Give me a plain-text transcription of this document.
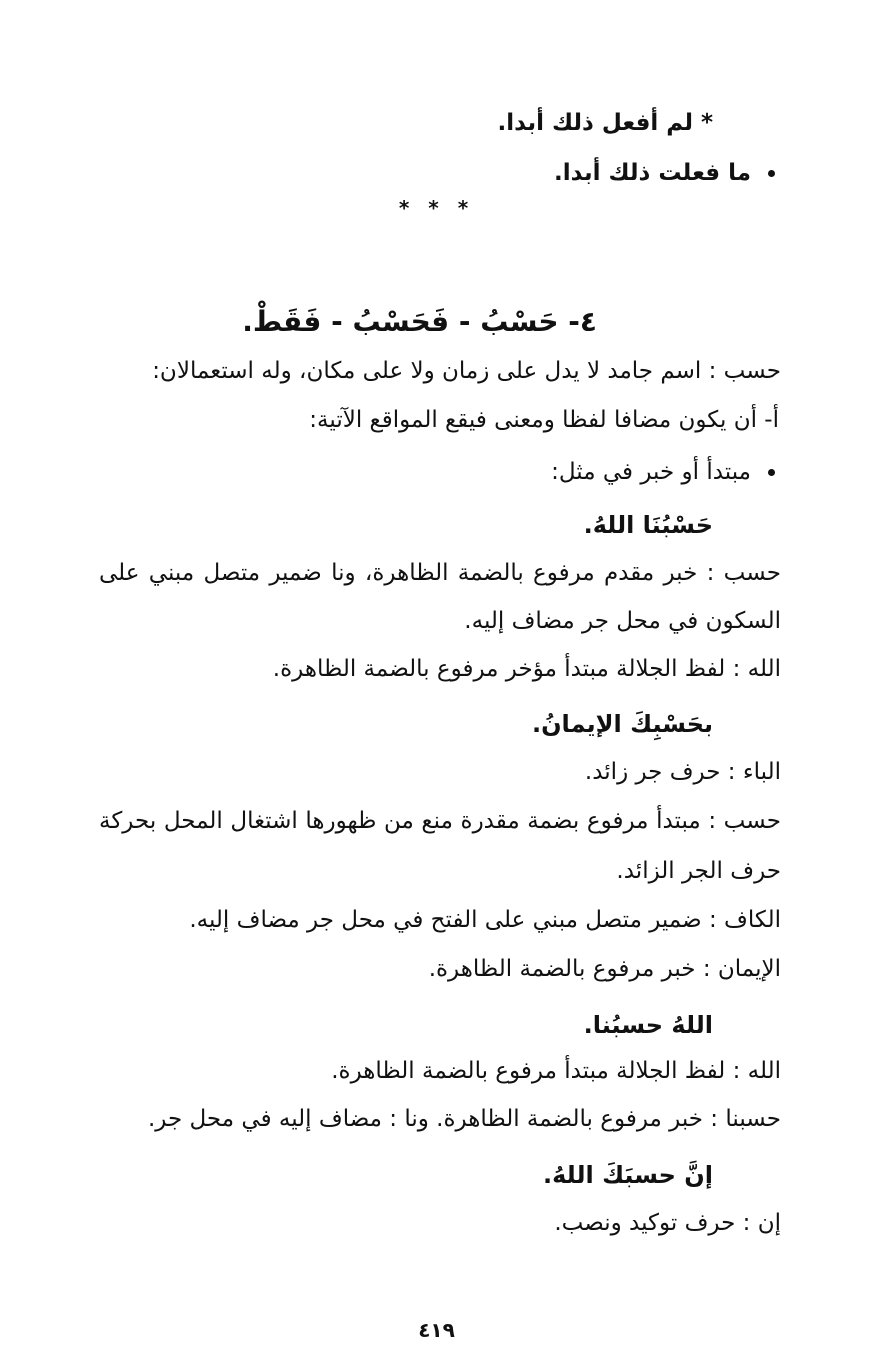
* لم أفعل ذلك أبدا.
ما فعلت ذلك أبدا.
* * *
٤- حَسْبُ - فَحَسْبُ - فَقَطْ.
حسب : اسم جامد لا يدل على زمان ولا على مكان، وله استعمالان:
أ- أن يكون مضافا لفظا ومعنى فيقع المواقع الآتية:
مبتدأ أو خبر في مثل:
حَسْبُنَا اللهُ.
حسب : خبر مقدم مرفوع بالضمة الظاهرة، ونا ضمير متصل مبني على
السكون في محل جر مضاف إليه.
الله : لفظ الجلالة مبتدأ مؤخر مرفوع بالضمة الظاهرة.
بحَسْبِكَ الإيمانُ.
الباء : حرف جر زائد.
حسب : مبتدأ مرفوع بضمة مقدرة منع من ظهورها اشتغال المحل بحركة
حرف الجر الزائد.
الكاف : ضمير متصل مبني على الفتح في محل جر مضاف إليه.
الإيمان : خبر مرفوع بالضمة الظاهرة.
اللهُ حسبُنا.
الله : لفظ الجلالة مبتدأ مرفوع بالضمة الظاهرة.
حسبنا : خبر مرفوع بالضمة الظاهرة. ونا : مضاف إليه في محل جر.
إنَّ حسبَكَ اللهُ.
إن : حرف توكيد ونصب.
٤١٩
